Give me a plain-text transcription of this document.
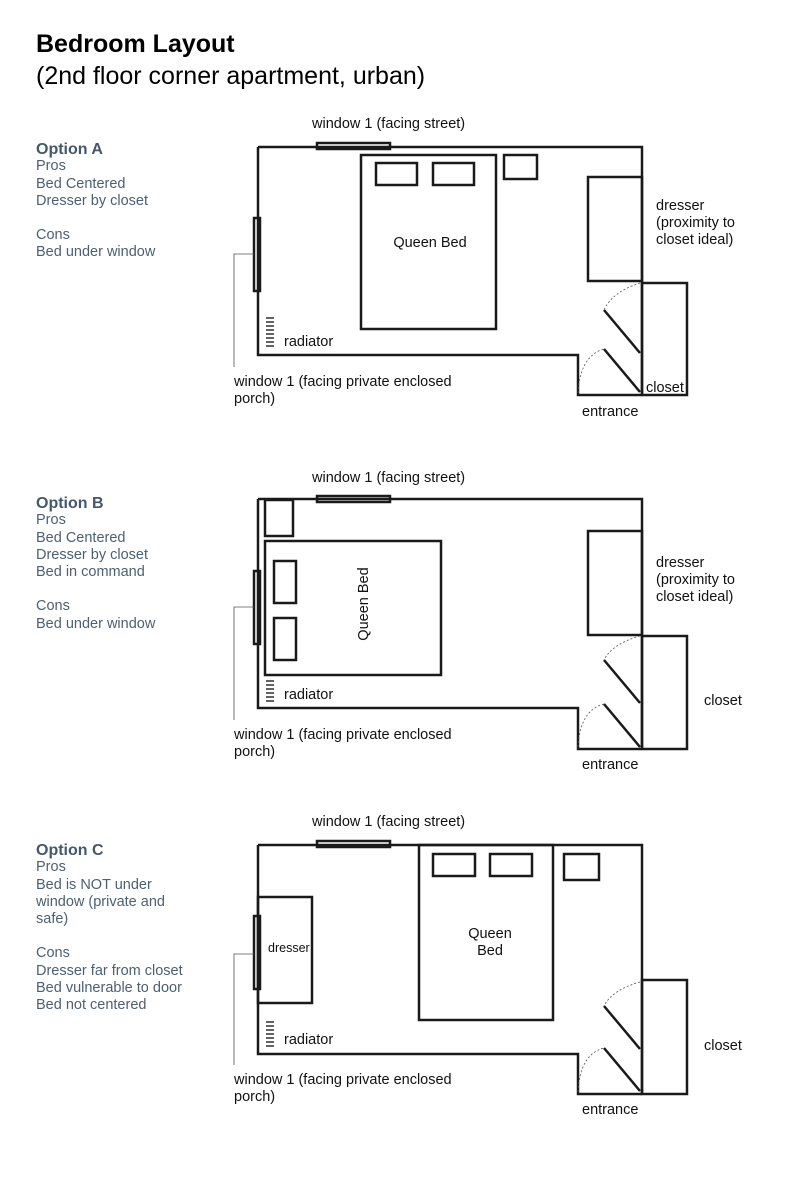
Bedroom Layout
(2nd floor corner apartment, urban)
Option A
Pros
Bed Centered
Dresser by closet
Cons
Bed under window
window 1 (facing street)
Queen Bed
dresser
(proximity to
closet ideal)
radiator
window 1 (facing private enclosed
porch)
closet
entrance
Option B
Pros
Bed Centered
Dresser by closet
Bed in command
Cons
Bed under window
window 1 (facing street)
Queen Bed
dresser
(proximity to
closet ideal)
radiator
window 1 (facing private enclosed
porch)
closet
entrance
Option C
Pros
Bed is NOT under
window (private and
safe)
Cons
Dresser far from closet
Bed vulnerable to door
Bed not centered
window 1 (facing street)
Queen
Bed
dresser
radiator
window 1 (facing private enclosed
porch)
closet
entrance
